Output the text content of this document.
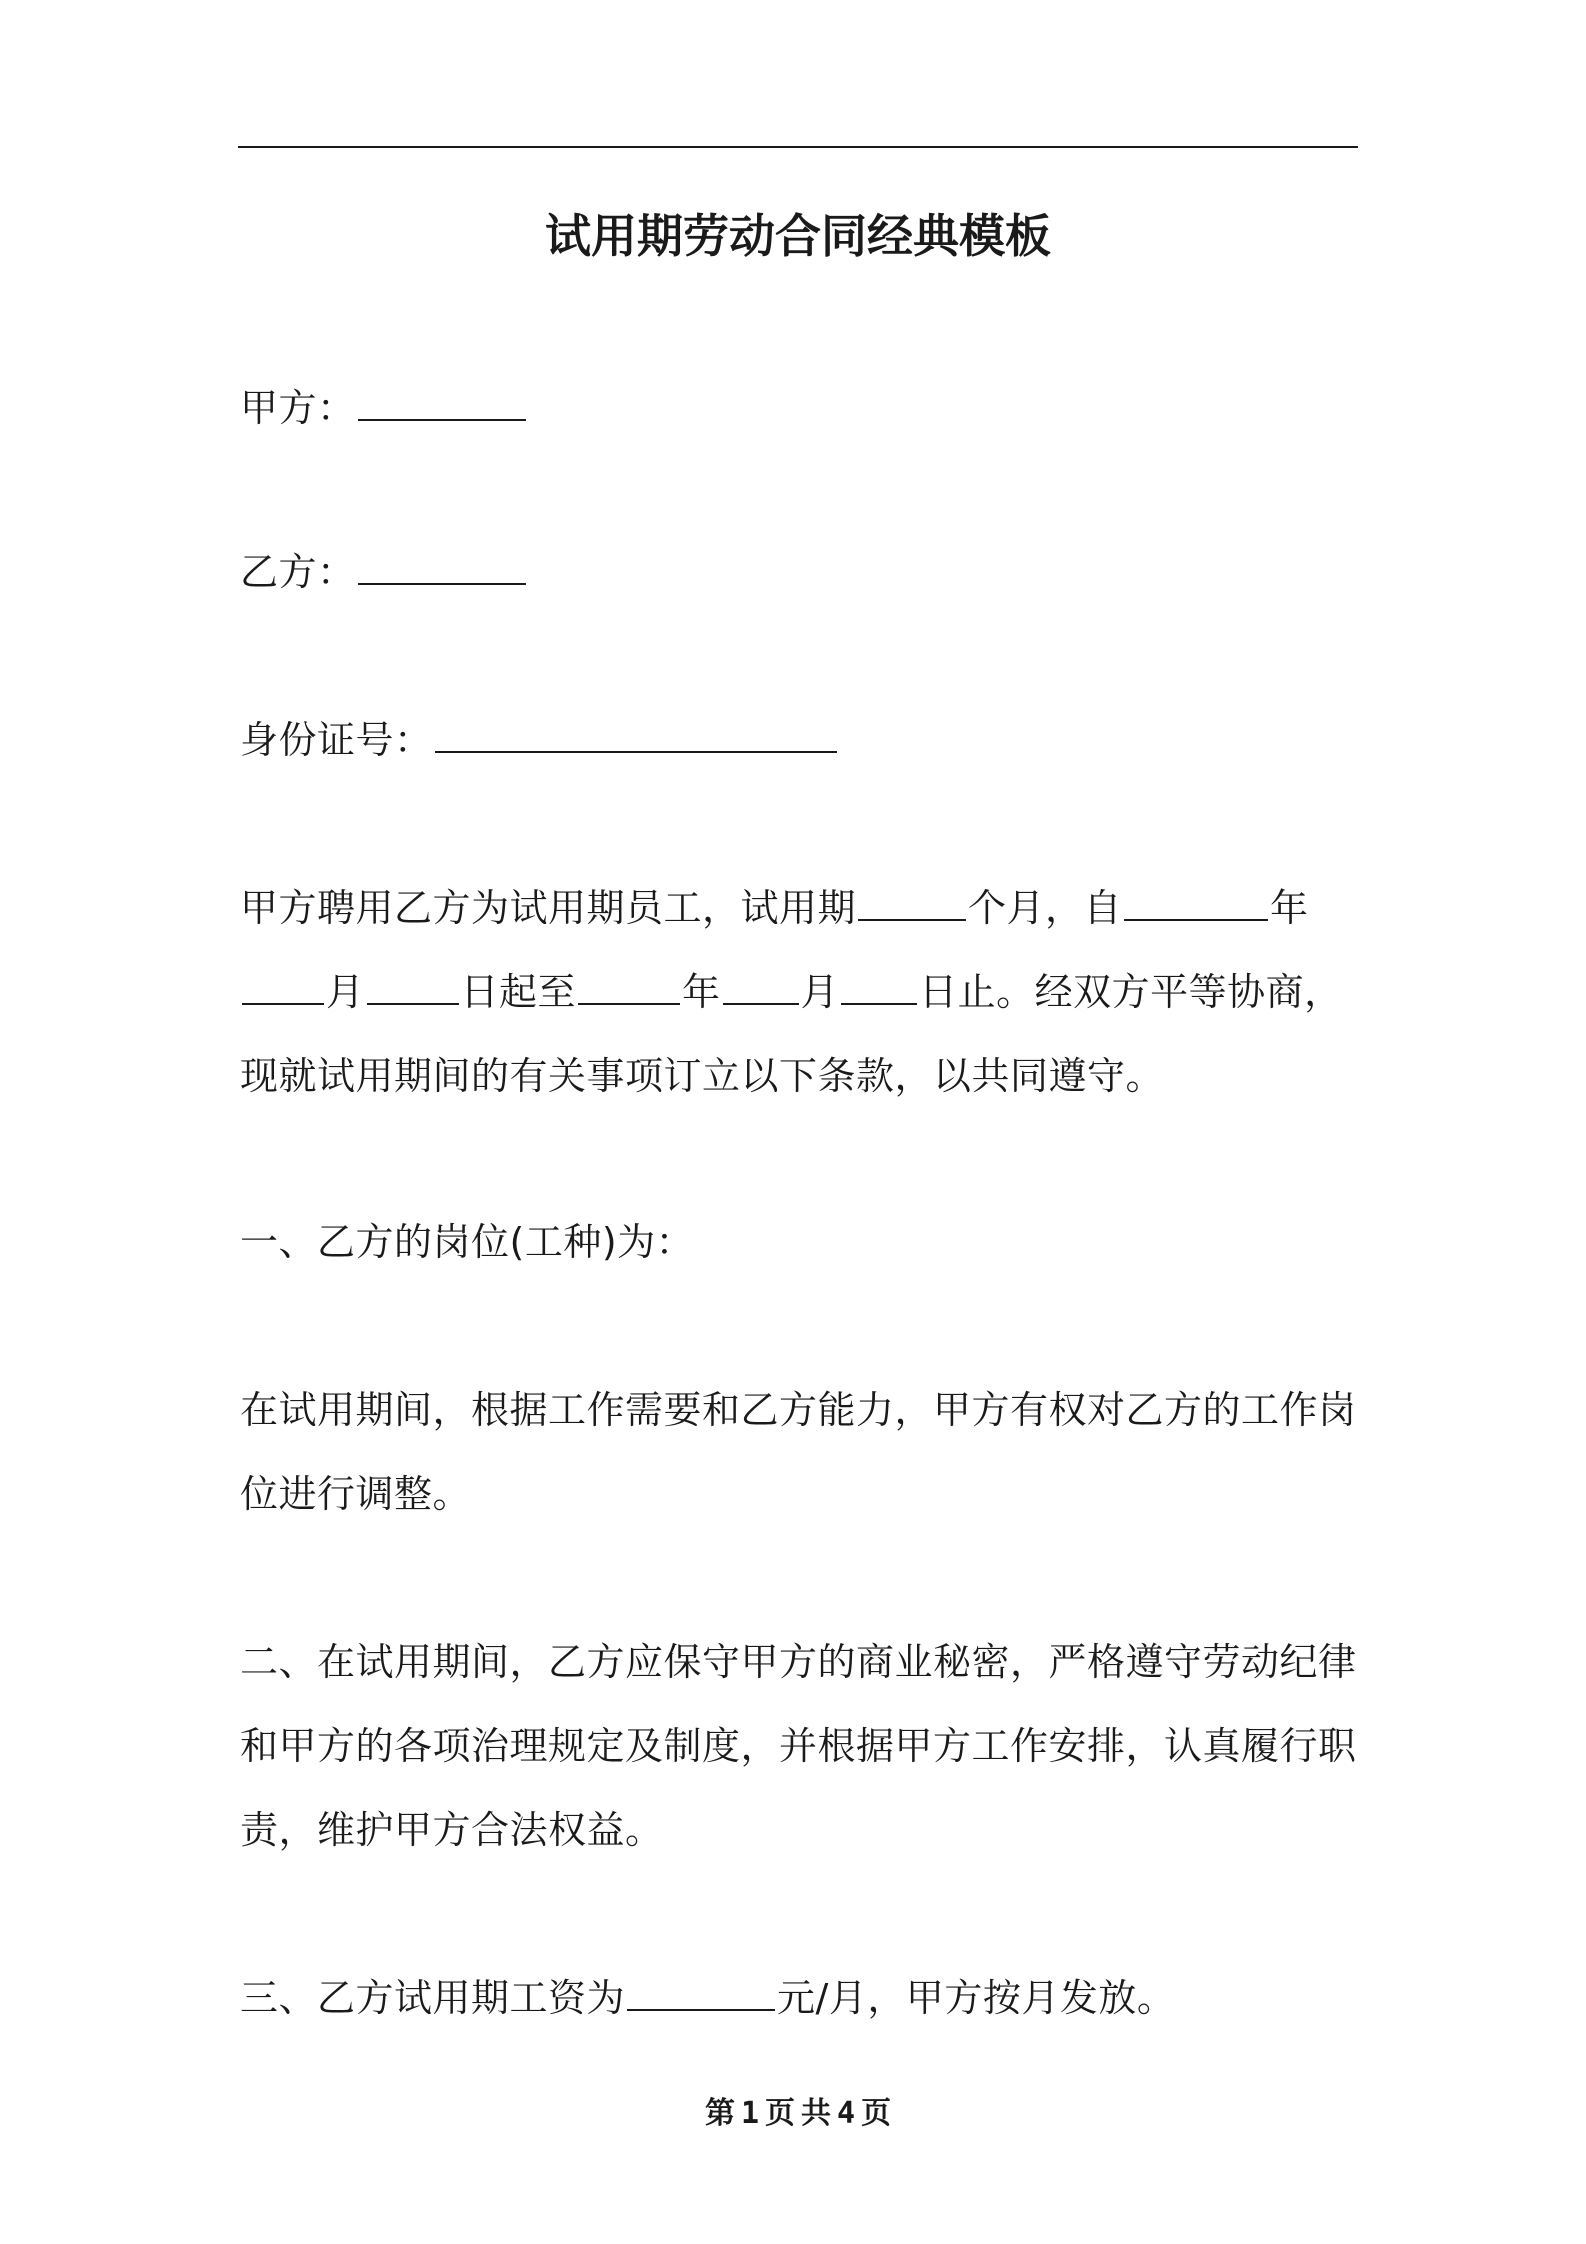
试用期劳动合同经典模板

甲方：

乙方：

身份证号：

甲方聘用乙方为试用期员工，试用期	个月，自	年月	日起至	年 月 日止。经双方平等协商，现就试用期间的有关事项订立以下条款，以共同遵守。

一、乙方的岗位(工种)为：

在试用期间，根据工作需要和乙方能力，甲方有权对乙方的工作岗位进行调整。

二、在试用期间，乙方应保守甲方的商业秘密，严格遵守劳动纪律和甲方的各项治理规定及制度，并根据甲方工作安排，认真履行职责，维护甲方合法权益。

三、乙方试用期工资为	元/月，甲方按月发放。

第 1 页 共 4 页
